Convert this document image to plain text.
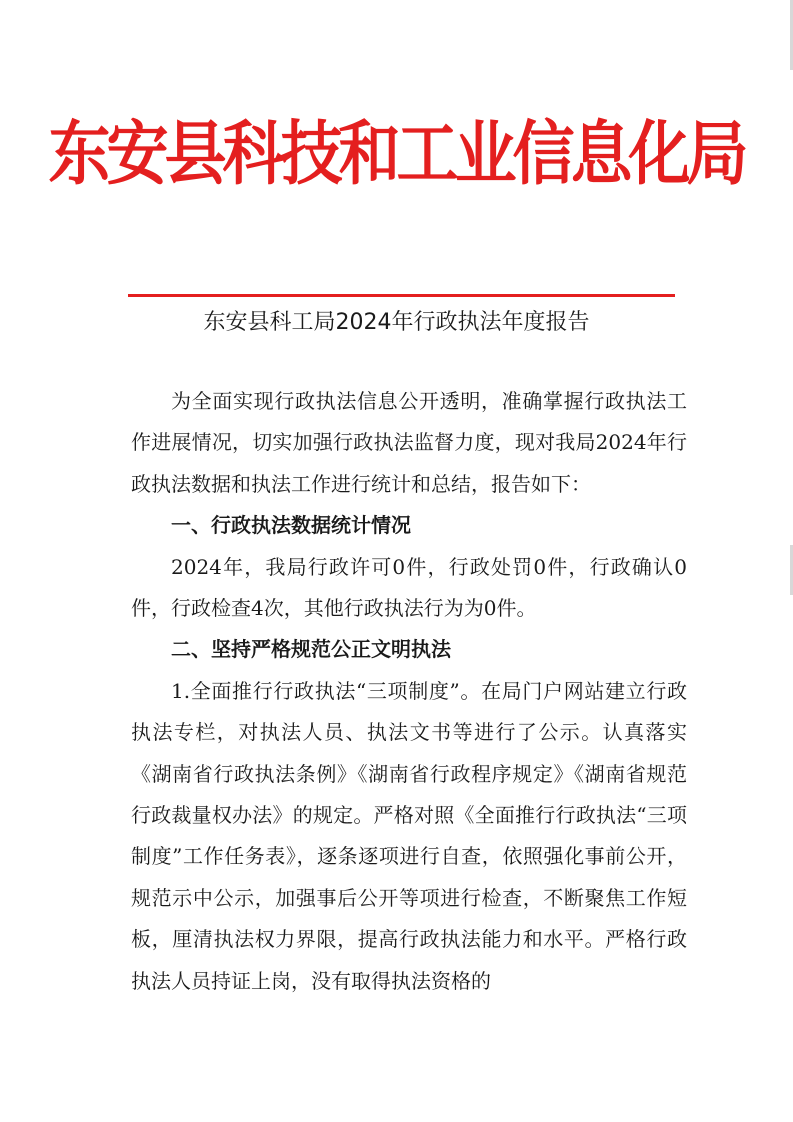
东安县科技和工业信息化局
东安县科工局2024年行政执法年度报告

为全面实现行政执法信息公开透明，准确掌握行政执法工作进展情况，切实加强行政执法监督力度，现对我局2024年行政执法数据和执法工作进行统计和总结，报告如下：

一、行政执法数据统计情况

2024年，我局行政许可0件，行政处罚0件，行政确认0件，行政检查4次，其他行政执法行为为0件。

二、坚持严格规范公正文明执法

1.全面推行行政执法“三项制度”。在局门户网站建立行政执法专栏，对执法人员、执法文书等进行了公示。认真落实《湖南省行政执法条例》《湖南省行政程序规定》《湖南省规范行政裁量权办法》的规定。严格对照《全面推行行政执法“三项制度”工作任务表》，逐条逐项进行自查，依照强化事前公开，规范示中公示，加强事后公开等项进行检查，不断聚焦工作短板，厘清执法权力界限，提高行政执法能力和水平。严格行政执法人员持证上岗，没有取得执法资格的
